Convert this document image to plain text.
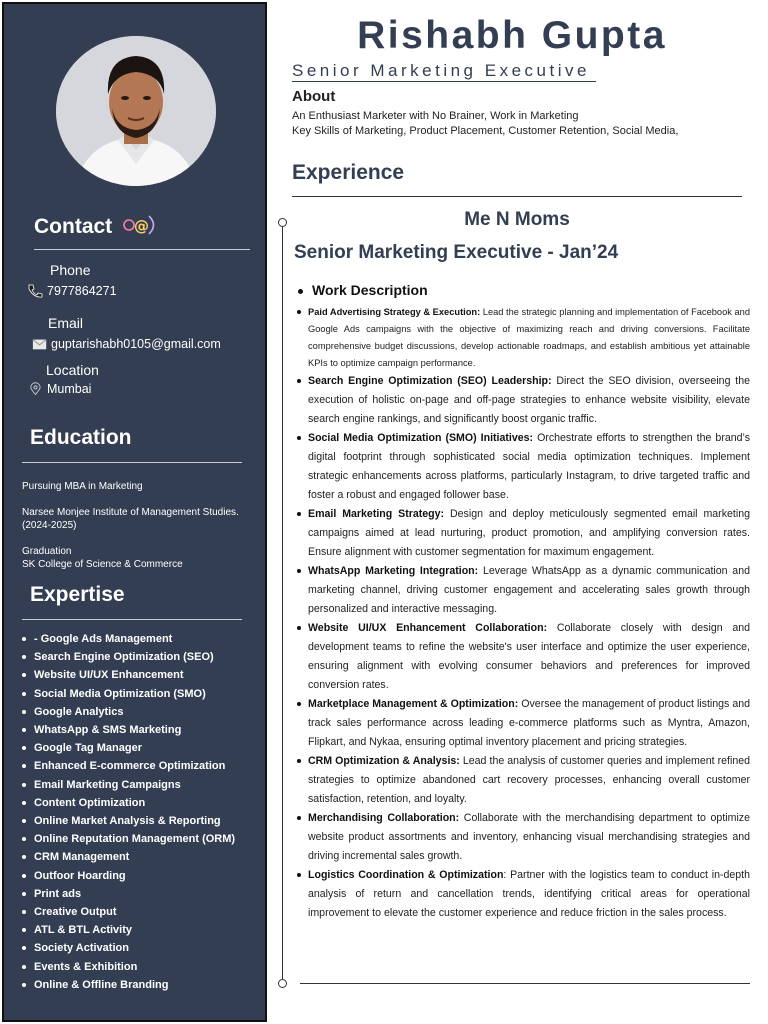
Contact @
Phone
7977864271
Email
guptarishabh0105@gmail.com
Location
Mumbai
Education
Pursuing MBA in Marketing
Narsee Monjee Institute of Management Studies.
(2024-2025)
Graduation
SK College of Science & Commerce
Expertise
- Google Ads Management
Search Engine Optimization (SEO)
Website UI/UX Enhancement
Social Media Optimization (SMO)
Google Analytics
WhatsApp & SMS Marketing
Google Tag Manager
Enhanced E-commerce Optimization
Email Marketing Campaigns
Content Optimization
Online Market Analysis & Reporting
Online Reputation Management (ORM)
CRM Management
Outfoor Hoarding
Print ads
Creative Output
ATL & BTL Activity
Society Activation
Events & Exhibition
Online & Offline Branding
Rishabh Gupta
Senior Marketing Executive
About
An Enthusiast Marketer with No Brainer, Work in Marketing
Key Skills of Marketing, Product Placement, Customer Retention, Social Media,
Experience
Me N Moms
Senior Marketing Executive - Jan’24
Work Description
Paid Advertising Strategy & Execution: Lead the strategic planning and implementation of Facebook and Google Ads campaigns with the objective of maximizing reach and driving conversions. Facilitate comprehensive budget discussions, develop actionable roadmaps, and establish ambitious yet attainable KPIs to optimize campaign performance.
Search Engine Optimization (SEO) Leadership: Direct the SEO division, overseeing the execution of holistic on-page and off-page strategies to enhance website visibility, elevate search engine rankings, and significantly boost organic traffic.
Social Media Optimization (SMO) Initiatives: Orchestrate efforts to strengthen the brand’s digital footprint through sophisticated social media optimization techniques. Implement strategic enhancements across platforms, particularly Instagram, to drive targeted traffic and foster a robust and engaged follower base.
Email Marketing Strategy: Design and deploy meticulously segmented email marketing campaigns aimed at lead nurturing, product promotion, and amplifying conversion rates. Ensure alignment with customer segmentation for maximum engagement.
WhatsApp Marketing Integration: Leverage WhatsApp as a dynamic communication and marketing channel, driving customer engagement and accelerating sales growth through personalized and interactive messaging.
Website UI/UX Enhancement Collaboration: Collaborate closely with design and development teams to refine the website's user interface and optimize the user experience, ensuring alignment with evolving consumer behaviors and preferences for improved conversion rates.
Marketplace Management & Optimization: Oversee the management of product listings and track sales performance across leading e-commerce platforms such as Myntra, Amazon, Flipkart, and Nykaa, ensuring optimal inventory placement and pricing strategies.
CRM Optimization & Analysis: Lead the analysis of customer queries and implement refined strategies to optimize abandoned cart recovery processes, enhancing overall customer satisfaction, retention, and loyalty.
Merchandising Collaboration: Collaborate with the merchandising department to optimize website product assortments and inventory, enhancing visual merchandising strategies and driving incremental sales growth.
Logistics Coordination & Optimization: Partner with the logistics team to conduct in-depth analysis of return and cancellation trends, identifying critical areas for operational improvement to elevate the customer experience and reduce friction in the sales process.
